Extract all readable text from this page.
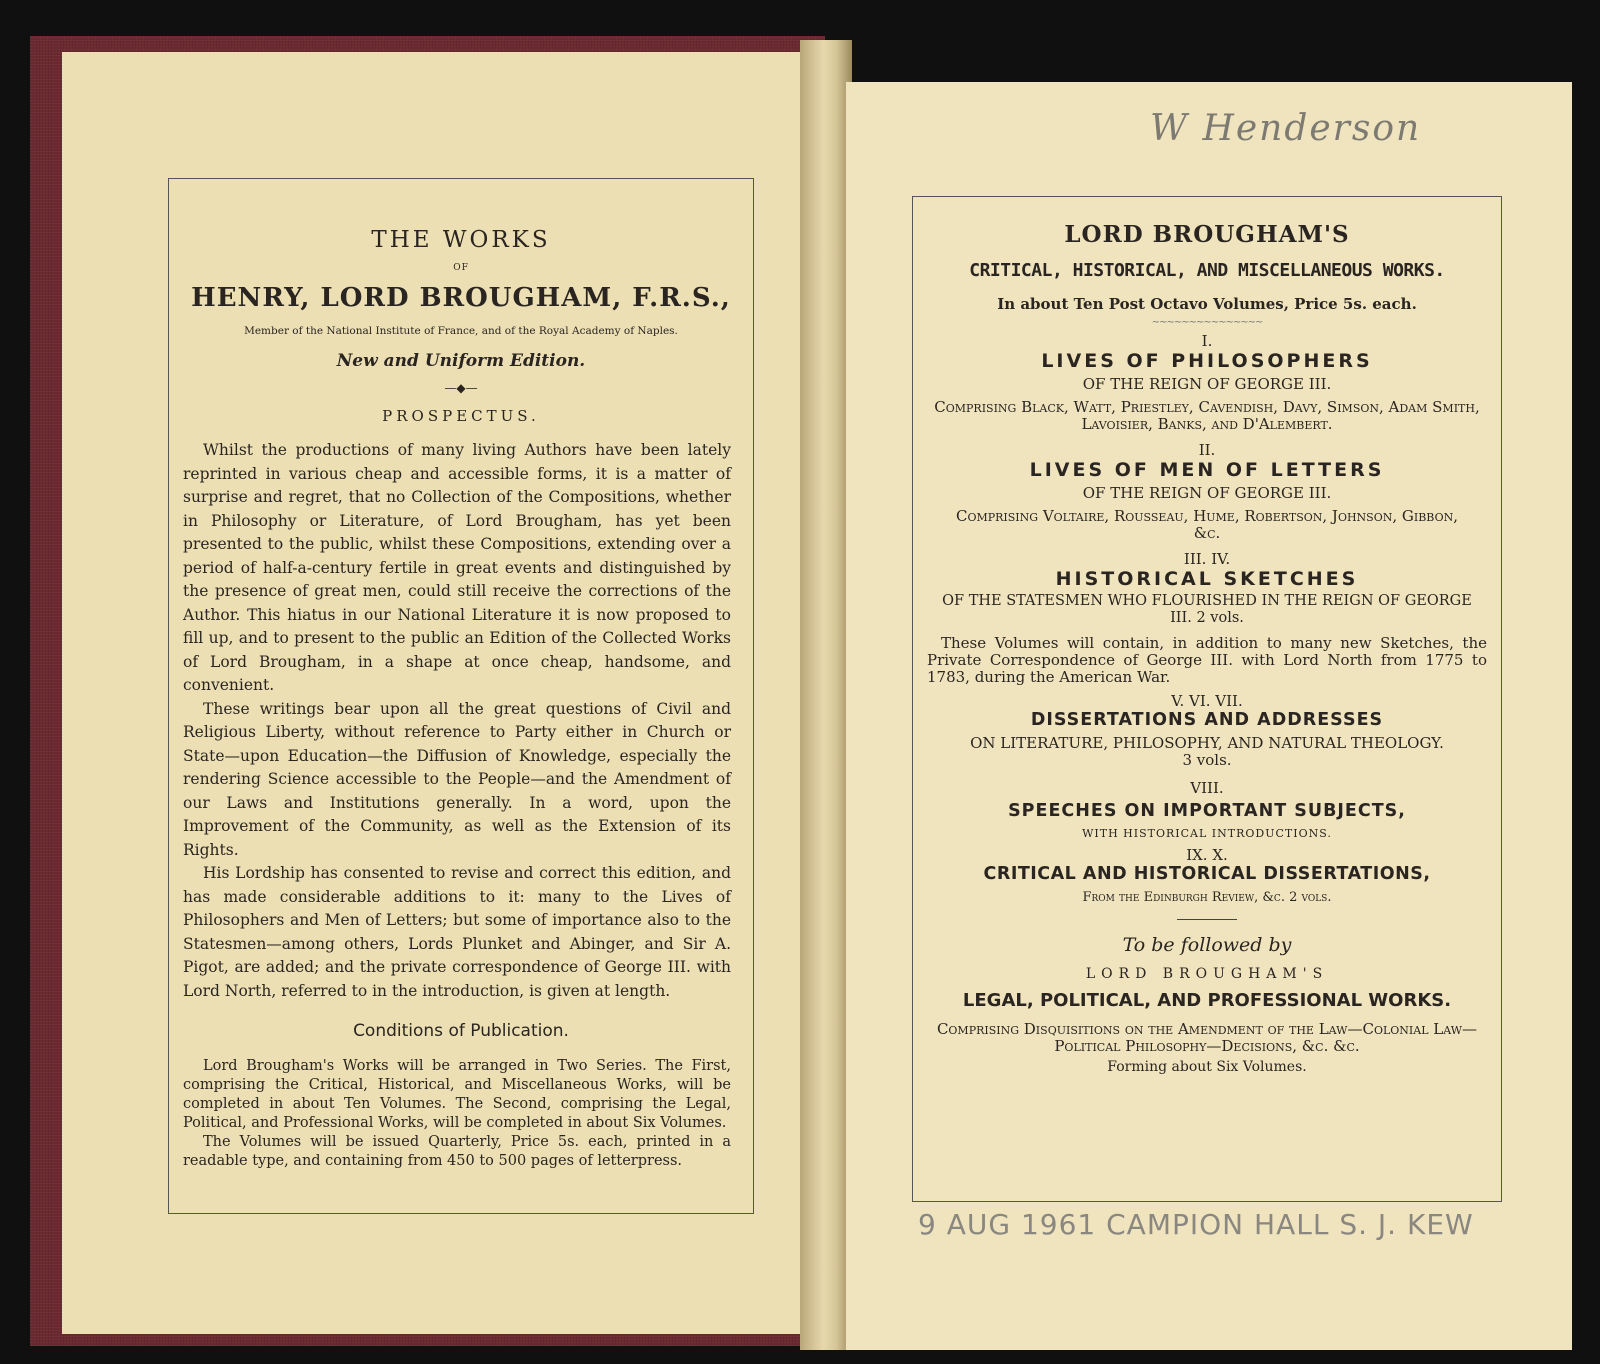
THE WORKS
OF
HENRY, LORD BROUGHAM, F.R.S.,
Member of the National Institute of France, and of the Royal Academy of Naples.
New and Uniform Edition.
—◆—
PROSPECTUS.

Whilst the productions of many living Authors have been lately reprinted in various cheap and accessible forms, it is a matter of surprise and regret, that no Collection of the Compositions, whether in Philosophy or Literature, of Lord Brougham, has yet been presented to the public, whilst these Compositions, extending over a period of half-a-century fertile in great events and distinguished by the presence of great men, could still receive the corrections of the Author. This hiatus in our National Literature it is now proposed to fill up, and to present to the public an Edition of the Collected Works of Lord Brougham, in a shape at once cheap, handsome, and convenient.

These writings bear upon all the great questions of Civil and Religious Liberty, without reference to Party either in Church or State—upon Education—the Diffusion of Knowledge, especially the rendering Science accessible to the People—and the Amendment of our Laws and Institutions generally. In a word, upon the Improvement of the Community, as well as the Extension of its Rights.

His Lordship has consented to revise and correct this edition, and has made considerable additions to it: many to the Lives of Philosophers and Men of Letters; but some of importance also to the Statesmen—among others, Lords Plunket and Abinger, and Sir A. Pigot, are added; and the private correspondence of George III. with Lord North, referred to in the introduction, is given at length.

Conditions of Publication.

Lord Brougham's Works will be arranged in Two Series. The First, comprising the Critical, Historical, and Miscellaneous Works, will be completed in about Ten Volumes. The Second, comprising the Legal, Political, and Professional Works, will be completed in about Six Volumes.

The Volumes will be issued Quarterly, Price 5s. each, printed in a readable type, and containing from 450 to 500 pages of letterpress.

W Henderson
LORD BROUGHAM'S
CRITICAL, HISTORICAL, AND MISCELLANEOUS WORKS.
In about Ten Post Octavo Volumes, Price 5s. each.
∼∼∼∼∼∼∼∼∼∼∼∼∼∼∼
I.
LIVES OF PHILOSOPHERS
OF THE REIGN OF GEORGE III.
Comprising Black, Watt, Priestley, Cavendish, Davy, Simson, Adam Smith, Lavoisier, Banks, and D'Alembert.
II.
LIVES OF MEN OF LETTERS
OF THE REIGN OF GEORGE III.
Comprising Voltaire, Rousseau, Hume, Robertson, Johnson, Gibbon, &c.
III. IV.
HISTORICAL SKETCHES
OF THE STATESMEN WHO FLOURISHED IN THE REIGN OF GEORGE III. 2 vols.
These Volumes will contain, in addition to many new Sketches, the Private Correspondence of George III. with Lord North from 1775 to 1783, during the American War.
V. VI. VII.
DISSERTATIONS AND ADDRESSES
ON LITERATURE, PHILOSOPHY, AND NATURAL THEOLOGY.
3 vols.
VIII.
SPEECHES ON IMPORTANT SUBJECTS,
WITH HISTORICAL INTRODUCTIONS.
IX. X.
CRITICAL AND HISTORICAL DISSERTATIONS,
From the Edinburgh Review, &c. 2 vols.
To be followed by
LORD BROUGHAM'S
LEGAL, POLITICAL, AND PROFESSIONAL WORKS.
Comprising Disquisitions on the Amendment of the Law—Colonial Law—Political Philosophy—Decisions, &c. &c.
Forming about Six Volumes.
9 AUG 1961 CAMPION HALL S. J. KEW
